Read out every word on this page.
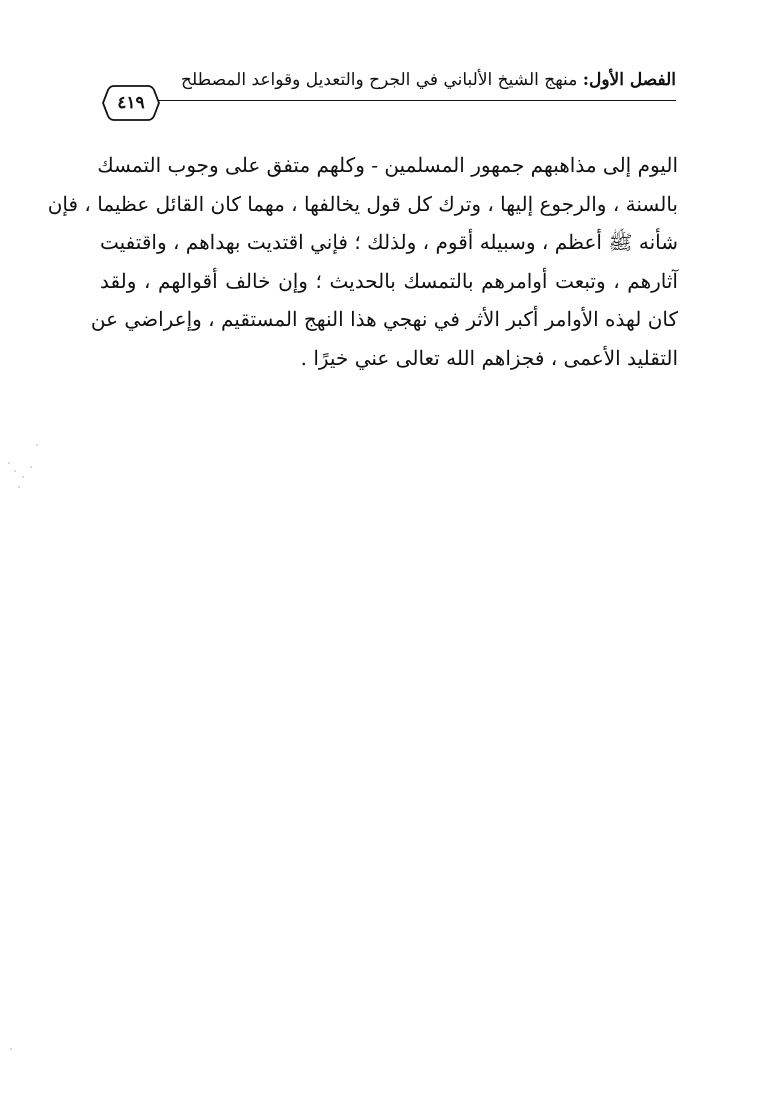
الفصل الأول: منهج الشيخ الألباني في الجرح والتعديل وقواعد المصطلح
٤١٩
اليوم إلى مذاهبهم جمهور المسلمين - وكلهم متفق على وجوب التمسك
بالسنة ، والرجوع إليها ، وترك كل قول يخالفها ، مهما كان القائل عظيما ، فإن
شأنه ﷺ أعظم ، وسبيله أقوم ، ولذلك ؛ فإني اقتديت بهداهم ، واقتفيت
آثارهم ، وتبعت أوامرهم بالتمسك بالحديث ؛ وإن خالف أقوالهم ، ولقد
كان لهذه الأوامر أكبر الأثر في نهجي هذا النهج المستقيم ، وإعراضي عن
التقليد الأعمى ، فجزاهم الله تعالى عني خيرًا .
